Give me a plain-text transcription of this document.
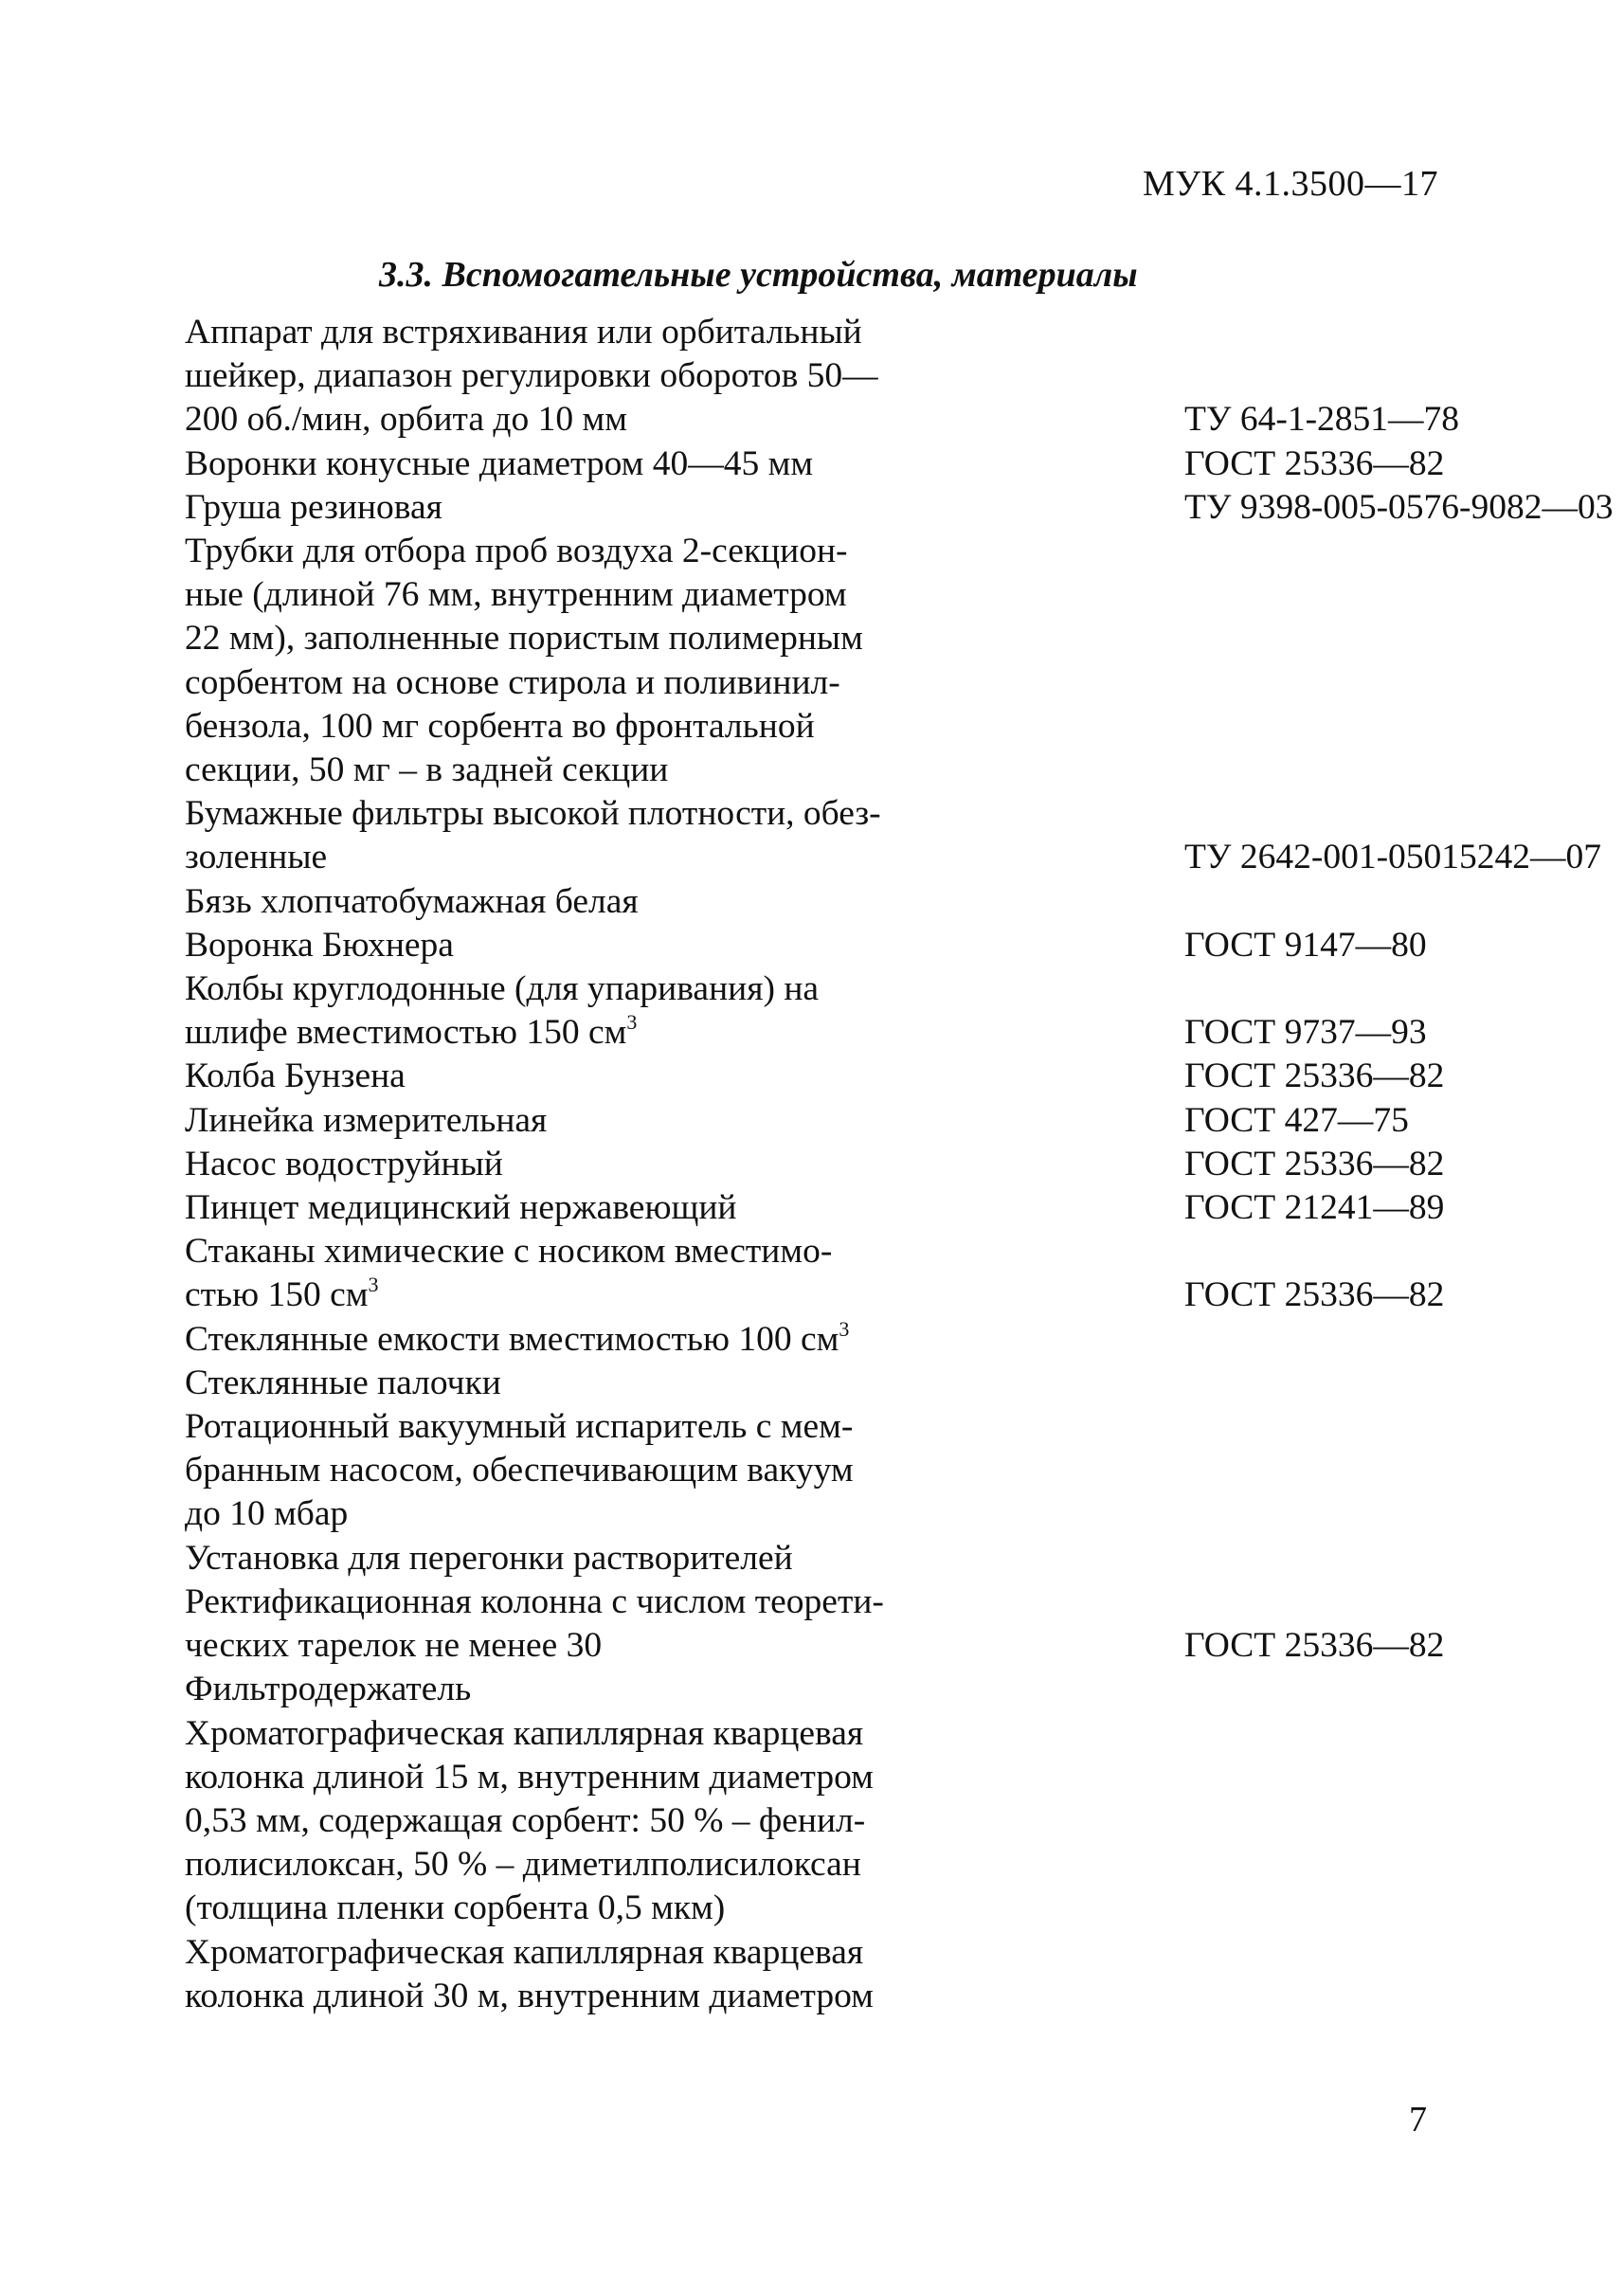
МУК 4.1.3500—17
3.3. Вспомогательные устройства, материалы
Аппарат для встряхивания или орбитальный
шейкер, диапазон регулировки оборотов 50—
200 об./мин, орбита до 10 мм	ТУ 64-1-2851—78
Воронки конусные диаметром 40—45 мм	ГОСТ 25336—82
Груша резиновая	ТУ 9398-005-0576-9082—03
Трубки для отбора проб воздуха 2-секцион-
ные (длиной 76 мм, внутренним диаметром
22 мм), заполненные пористым полимерным
сорбентом на основе стирола и поливинил-
бензола, 100 мг сорбента во фронтальной
секции, 50 мг – в задней секции
Бумажные фильтры высокой плотности, обез-
золенные	ТУ 2642-001-05015242—07
Бязь хлопчатобумажная белая
Воронка Бюхнера	ГОСТ 9147—80
Колбы круглодонные (для упаривания) на
шлифе вместимостью 150 $см^3$	ГОСТ 9737—93
Колба Бунзена	ГОСТ 25336—82
Линейка измерительная	ГОСТ 427—75
Насос водоструйный	ГОСТ 25336—82
Пинцет медицинский нержавеющий	ГОСТ 21241—89
Стаканы химические с носиком вместимо-
стью 150 $см^3$	ГОСТ 25336—82
Стеклянные емкости вместимостью 100 $см^3$
Стеклянные палочки
Ротационный вакуумный испаритель с мем-
бранным насосом, обеспечивающим вакуум
до 10 мбар
Установка для перегонки растворителей
Ректификационная колонна с числом теорети-
ческих тарелок не менее 30	ГОСТ 25336—82
Фильтродержатель
Хроматографическая капиллярная кварцевая
колонка длиной 15 м, внутренним диаметром
0,53 мм, содержащая сорбент: 50 % – фенил-
полисилоксан, 50 % – диметилполисилоксан
(толщина пленки сорбента 0,5 мкм)
Хроматографическая капиллярная кварцевая
колонка длиной 30 м, внутренним диаметром
7
